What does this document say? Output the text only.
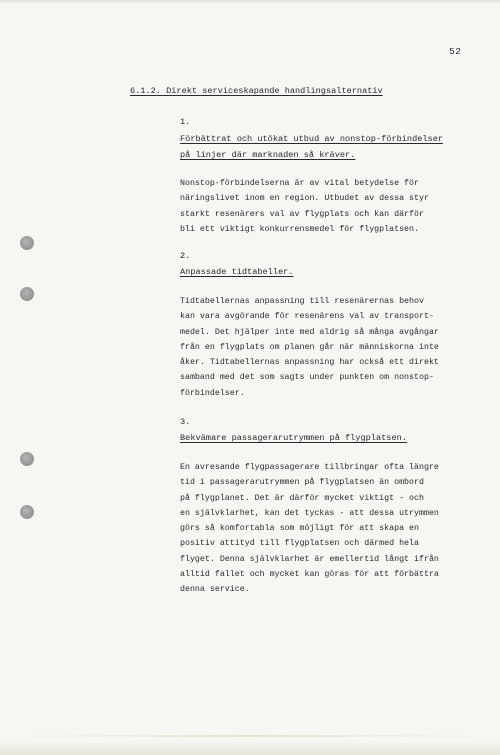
52
6.1.2. Direkt serviceskapande handlingsalternativ
1.
Förbättrat och utökat utbud av nonstop-förbindelser
på linjer där marknaden så kräver.
Nonstop-förbindelserna är av vital betydelse för
näringslivet inom en region. Utbudet av dessa styr
starkt resenärers val av flygplats och kan därför
bli ett viktigt konkurrensmedel för flygplatsen.
2.
Anpassade tidtabeller.
Tidtabellernas anpassning till resenärernas behov
kan vara avgörande för resenärens val av transport-
medel. Det hjälper inte med aldrig så många avgångar
från en flygplats om planen går när människorna inte
åker. Tidtabellernas anpassning har också ett direkt
samband med det som sagts under punkten om nonstop-
förbindelser.
3.
Bekvämare passagerarutrymmen på flygplatsen.
En avresande flygpassagerare tillbringar ofta längre
tid i passagerarutrymmen på flygplatsen än ombord
på flygplanet. Det är därför mycket viktigt - och
en självklarhet, kan det tyckas - att dessa utrymmen
görs så komfortabla som möjligt för att skapa en
positiv attityd till flygplatsen och därmed hela
flyget. Denna självklarhet är emellertid långt ifrån
alltid fallet och mycket kan göras för att förbättra
denna service.
